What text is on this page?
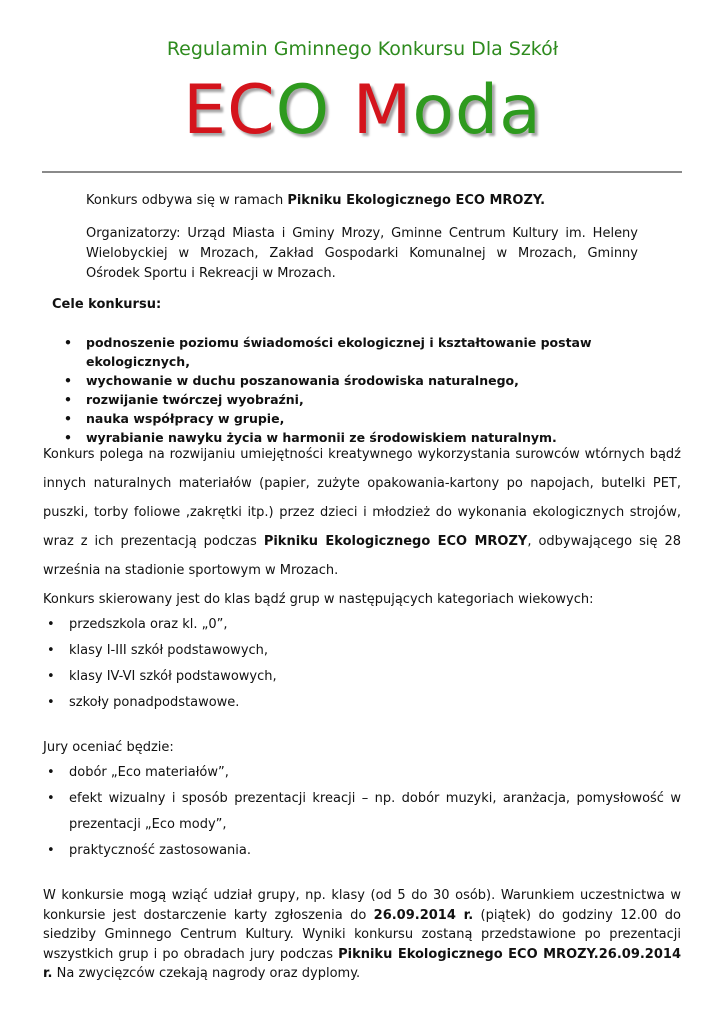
Regulamin Gminnego Konkursu Dla Szkół
ECO Moda
Konkurs odbywa się w ramach Pikniku Ekologicznego ECO MROZY.
Organizatorzy: Urząd Miasta i Gminy Mrozy, Gminne Centrum Kultury im. Heleny Wielobyckiej w Mrozach, Zakład Gospodarki Komunalnej w Mrozach, Gminny Ośrodek Sportu i Rekreacji w Mrozach.
Cele konkursu:
• podnoszenie poziomu świadomości ekologicznej i kształtowanie postaw ekologicznych,
• wychowanie w duchu poszanowania środowiska naturalnego,
• rozwijanie twórczej wyobraźni,
• nauka współpracy w grupie,
• wyrabianie nawyku życia w harmonii ze środowiskiem naturalnym.
Konkurs polega na rozwijaniu umiejętności kreatywnego wykorzystania surowców wtórnych bądź innych naturalnych materiałów (papier, zużyte opakowania-kartony po napojach, butelki PET, puszki, torby foliowe ,zakrętki itp.) przez dzieci i młodzież do wykonania ekologicznych strojów, wraz z ich prezentacją podczas Pikniku Ekologicznego ECO MROZY, odbywającego się 28 września na stadionie sportowym w Mrozach.
Konkurs skierowany jest do klas bądź grup w następujących kategoriach wiekowych:
• przedszkola oraz kl. „0”,
• klasy I-III szkół podstawowych,
• klasy IV-VI szkół podstawowych,
• szkoły ponadpodstawowe.
Jury oceniać będzie:
• dobór „Eco materiałów”,
• efekt wizualny i sposób prezentacji kreacji – np. dobór muzyki, aranżacja, pomysłowość w prezentacji „Eco mody”,
• praktyczność zastosowania.
W konkursie mogą wziąć udział grupy, np. klasy (od 5 do 30 osób). Warunkiem uczestnictwa w konkursie jest dostarczenie karty zgłoszenia do 26.09.2014 r. (piątek) do godziny 12.00 do siedziby Gminnego Centrum Kultury. Wyniki konkursu zostaną przedstawione po prezentacji wszystkich grup i po obradach jury podczas Pikniku Ekologicznego ECO MROZY.26.09.2014 r. Na zwycięzców czekają nagrody oraz dyplomy.
